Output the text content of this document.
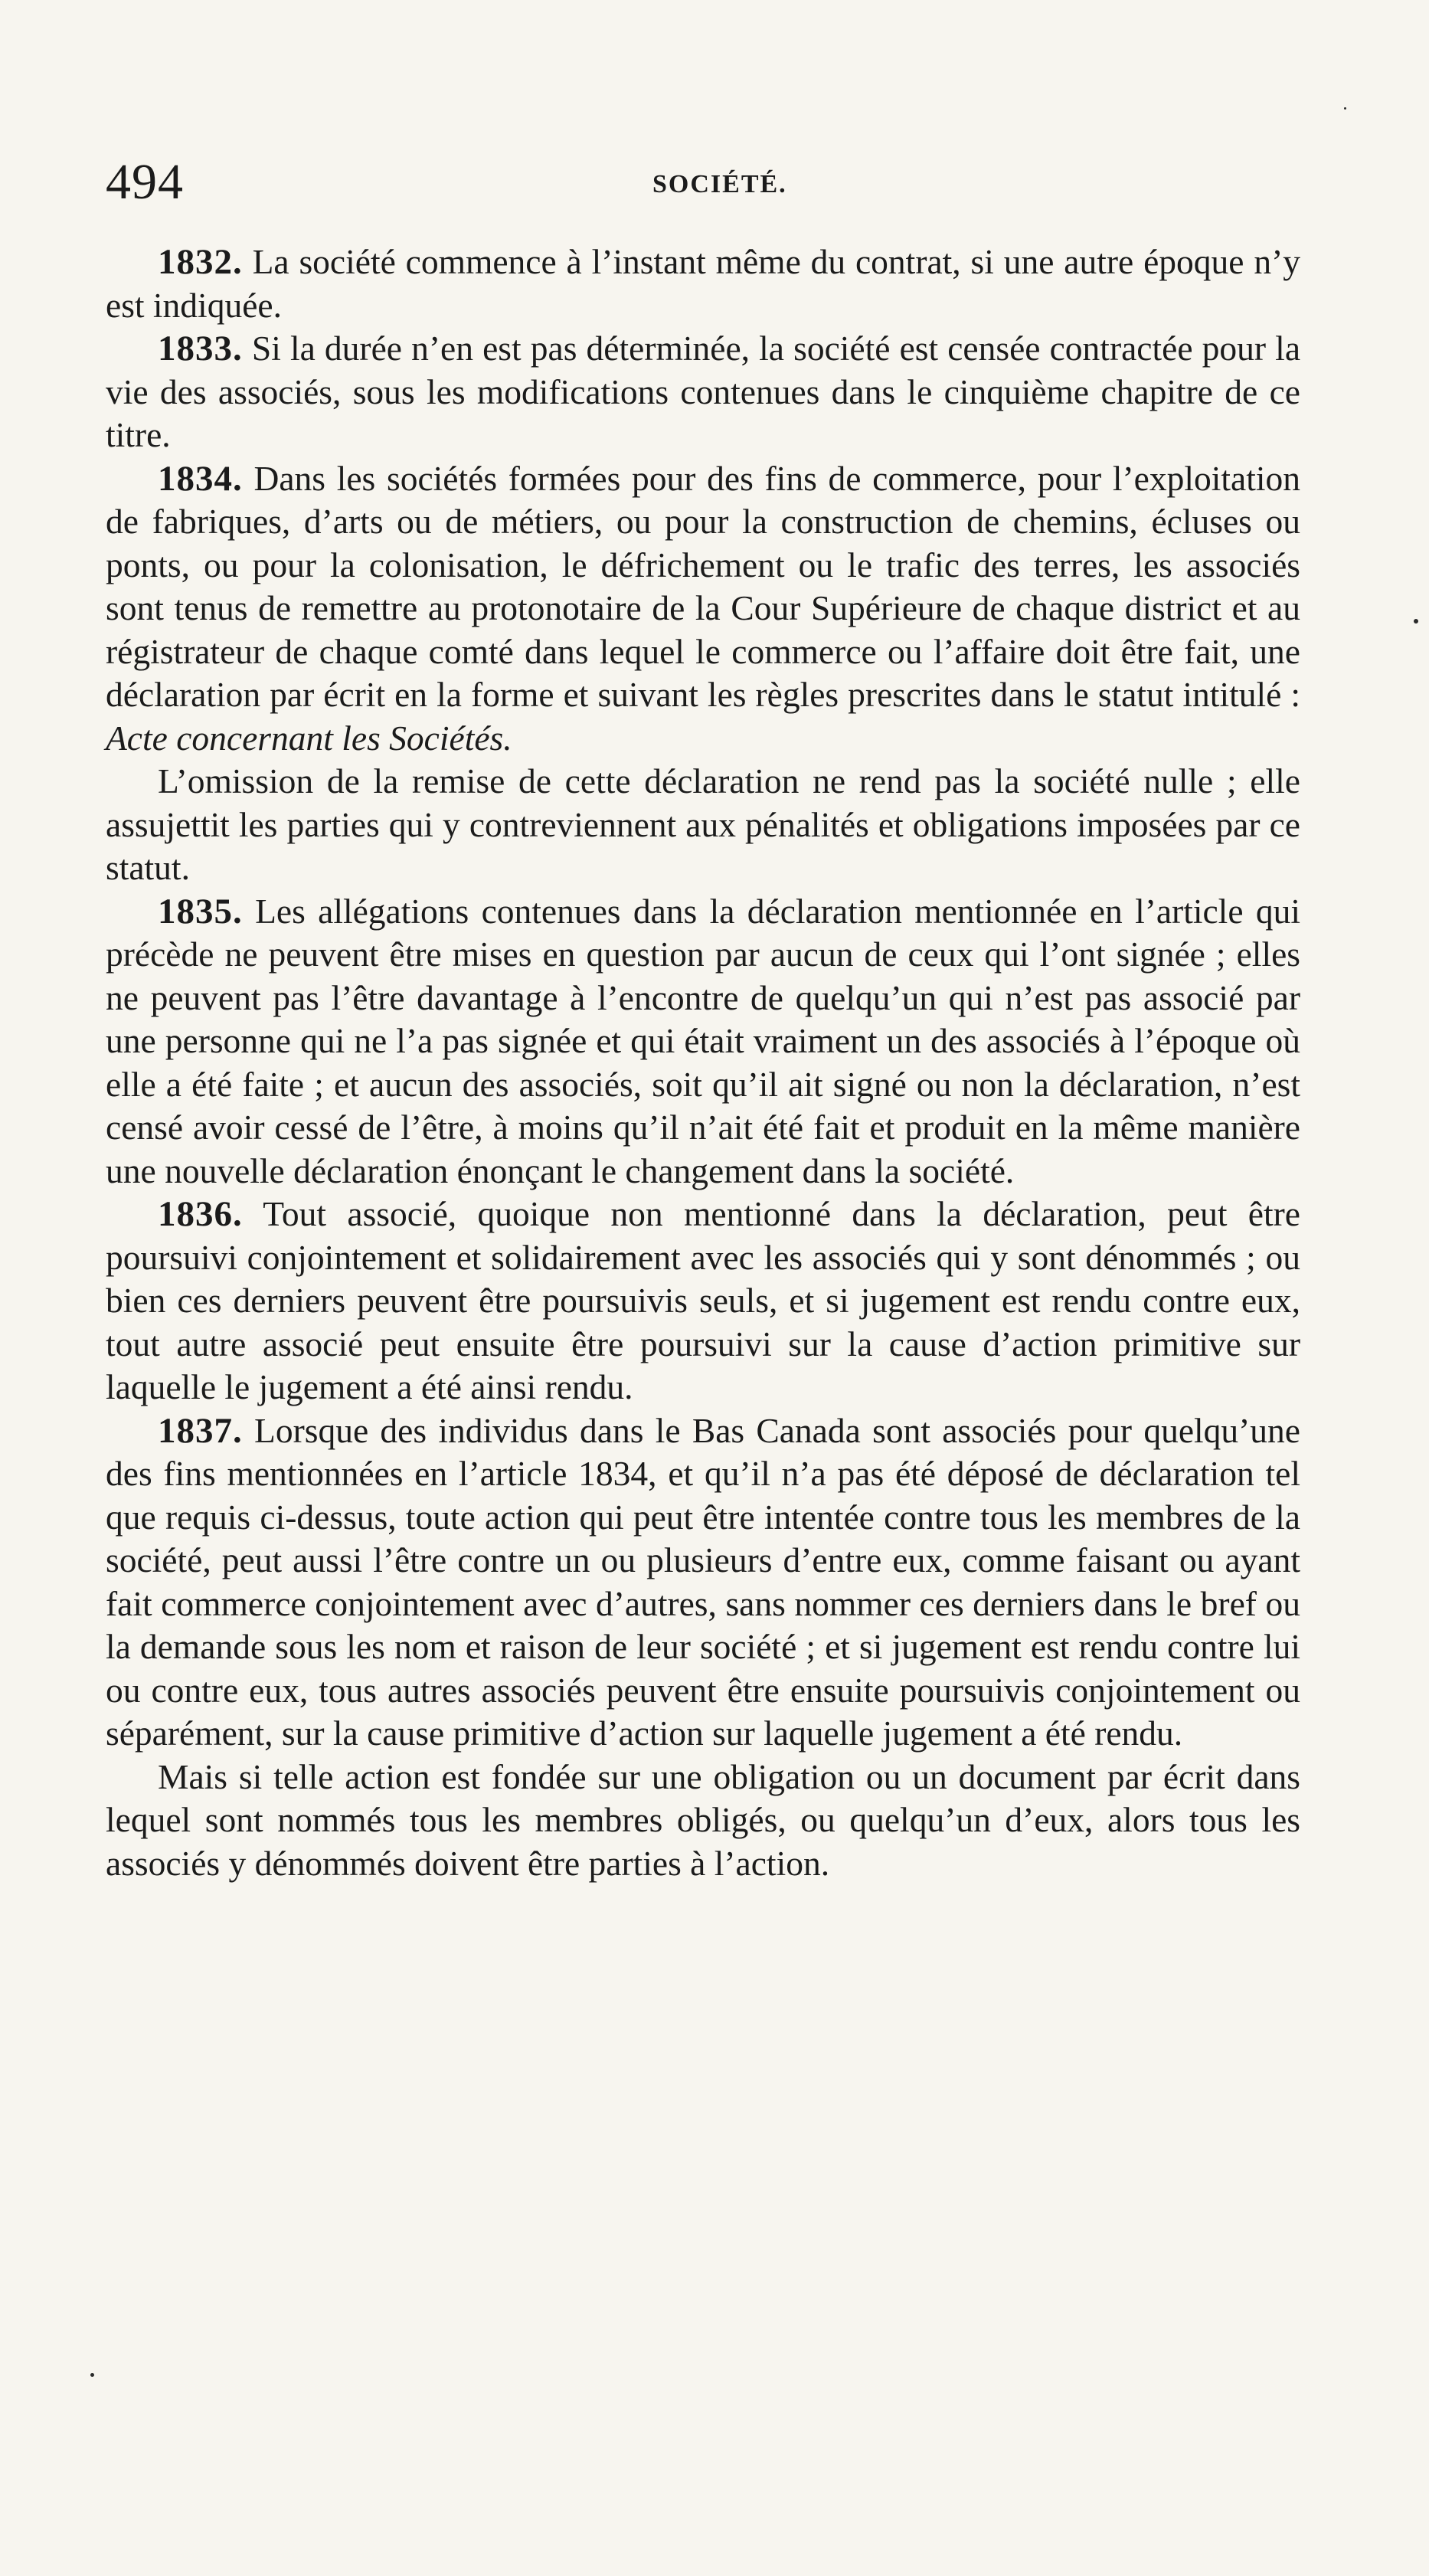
494	SOCIÉTÉ.

1832. La société commence à l’instant même du contrat, si une autre époque n’y est indiquée.

1833. Si la durée n’en est pas déterminée, la société est censée contractée pour la vie des associés, sous les modifications contenues dans le cinquième chapitre de ce titre.

1834. Dans les sociétés formées pour des fins de commerce, pour l’exploitation de fabriques, d’arts ou de métiers, ou pour la construction de chemins, écluses ou ponts, ou pour la colonisation, le défrichement ou le trafic des terres, les associés sont tenus de remettre au protonotaire de la Cour Supérieure de chaque district et au régistrateur de chaque comté dans lequel le commerce ou l’affaire doit être fait, une déclaration par écrit en la forme et suivant les règles prescrites dans le statut intitulé : Acte concernant les Sociétés.

L’omission de la remise de cette déclaration ne rend pas la société nulle ; elle assujettit les parties qui y contreviennent aux pénalités et obligations imposées par ce statut.

1835. Les allégations contenues dans la déclaration mentionnée en l’article qui précède ne peuvent être mises en question par aucun de ceux qui l’ont signée ; elles ne peuvent pas l’être davantage à l’encontre de quelqu’un qui n’est pas associé par une personne qui ne l’a pas signée et qui était vraiment un des associés à l’époque où elle a été faite ; et aucun des associés, soit qu’il ait signé ou non la déclaration, n’est censé avoir cessé de l’être, à moins qu’il n’ait été fait et produit en la même manière une nouvelle déclaration énonçant le changement dans la société.

1836. Tout associé, quoique non mentionné dans la déclaration, peut être poursuivi conjointement et solidairement avec les associés qui y sont dénommés ; ou bien ces derniers peuvent être poursuivis seuls, et si jugement est rendu contre eux, tout autre associé peut ensuite être poursuivi sur la cause d’action primitive sur laquelle le jugement a été ainsi rendu.

1837. Lorsque des individus dans le Bas Canada sont associés pour quelqu’une des fins mentionnées en l’article 1834, et qu’il n’a pas été déposé de déclaration tel que requis ci-dessus, toute action qui peut être intentée contre tous les membres de la société, peut aussi l’être contre un ou plusieurs d’entre eux, comme faisant ou ayant fait commerce conjointement avec d’autres, sans nommer ces derniers dans le bref ou la demande sous les nom et raison de leur société ; et si jugement est rendu contre lui ou contre eux, tous autres associés peuvent être ensuite poursuivis conjointement ou séparément, sur la cause primitive d’action sur laquelle jugement a été rendu.

Mais si telle action est fondée sur une obligation ou un document par écrit dans lequel sont nommés tous les membres obligés, ou quelqu’un d’eux, alors tous les associés y dénommés doivent être parties à l’action.
